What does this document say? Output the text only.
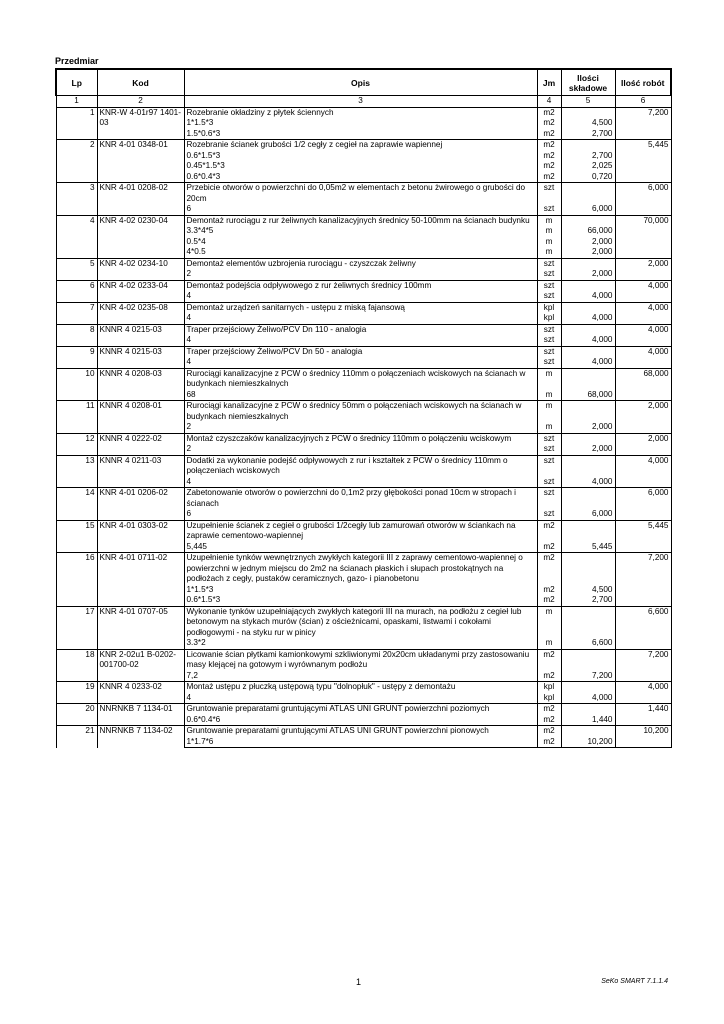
Przedmiar
Lp	Kod	Opis	Jm	Ilości składowe	Ilość robót
1	2	3	4	5	6
1	KNR-W 4-01r97 1401-03	Rozebranie okładziny z płytek ściennych	m2		7,200

		1*1.5*3	m2	4,500	
		1.5*0.6*3	m2	2,700	
2	KNR 4-01 0348-01	Rozebranie ścianek grubości 1/2 cegły z cegieł na zaprawie wapiennej	m2		5,445
		0.6*1.5*3	m2	2,700	
		0.45*1.5*3	m2	2,025	
		0.6*0.4*3	m2	0,720	
3	KNR 4-01 0208-02	Przebicie otworów o powierzchni do 0,05m2 w elementach z betonu żwirowego o grubości do 20cm	szt		6,000
		6	szt	6,000	
4	KNR 4-02 0230-04	Demontaż rurociągu z rur żeliwnych kanalizacyjnych średnicy 50-100mm na ścianach budynku	m		70,000
		3.3*4*5	m	66,000	
		0.5*4	m	2,000	
		4*0.5	m	2,000	
5	KNR 4-02 0234-10	Demontaż elementów uzbrojenia rurociągu - czyszczak żeliwny	szt		2,000
		2	szt	2,000	
6	KNR 4-02 0233-04	Demontaż podejścia odpływowego z rur żeliwnych średnicy 100mm	szt		4,000
		4	szt	4,000	
7	KNR 4-02 0235-08	Demontaż urządzeń sanitarnych - ustępu z miską fajansową	kpl		4,000
		4	kpl	4,000	
8	KNNR 4 0215-03	Traper przejściowy Żeliwo/PCV Dn 110 - analogia	szt		4,000
		4	szt	4,000	
9	KNNR 4 0215-03	Traper przejściowy Żeliwo/PCV Dn 50 - analogia	szt		4,000
		4	szt	4,000	
10	KNNR 4 0208-03	Rurociągi kanalizacyjne z PCW o średnicy 110mm o połączeniach wciskowych na ścianach w budynkach niemieszkalnych	m		68,000
		68	m	68,000	
11	KNNR 4 0208-01	Rurociągi kanalizacyjne z PCW o średnicy 50mm o połączeniach wciskowych na ścianach w budynkach niemieszkalnych	m		2,000
		2	m	2,000	
12	KNNR 4 0222-02	Montaż czyszczaków kanalizacyjnych z PCW o średnicy 110mm o połączeniu wciskowym	szt		2,000
		2	szt	2,000	
13	KNNR 4 0211-03	Dodatki za wykonanie podejść odpływowych z rur i kształtek z PCW o średnicy 110mm o połączeniach wciskowych	szt		4,000
		4	szt	4,000	
14	KNR 4-01 0206-02	Zabetonowanie otworów o powierzchni do 0,1m2 przy głębokości ponad 10cm w stropach i ścianach	szt		6,000
		6	szt	6,000	
15	KNR 4-01 0303-02	Uzupełnienie ścianek z cegieł o grubości 1/2cegły lub zamurowań otworów w ściankach na zaprawie cementowo-wapiennej	m2		5,445
		5,445	m2	5,445	
16	KNR 4-01 0711-02	Uzupełnienie tynków wewnętrznych zwykłych kategorii III z zaprawy cementowo-wapiennej o powierzchni w jednym miejscu do 2m2 na ścianach płaskich i słupach prostokątnych na podłożach z cegły, pustaków ceramicznych, gazo- i pianobetonu	m2		7,200
		1*1.5*3	m2	4,500	
		0.6*1.5*3	m2	2,700	
17	KNR 4-01 0707-05	Wykonanie tynków uzupełniających zwykłych kategorii III na murach, na podłożu z cegieł lub betonowym na stykach murów (ścian) z ościeżnicami, opaskami, listwami i cokołami podłogowymi - na styku rur w pinicy	m		6,600
		3.3*2	m	6,600	
18	KNR 2-02u1 B-0202-001700-02	Licowanie ścian płytkami kamionkowymi szkliwionymi 20x20cm układanymi przy zastosowaniu masy klejącej na gotowym i wyrównanym podłożu	m2		7,200
		7,2	m2	7,200	
19	KNNR 4 0233-02	Montaż ustępu z płuczką ustępową typu "dolnopłuk" - ustępy z demontażu	kpl		4,000
		4	kpl	4,000	
20	NNRNKB 7 1134-01	Gruntowanie preparatami gruntującymi ATLAS UNI GRUNT powierzchni poziomych	m2		1,440
		0.6*0.4*6	m2	1,440	
21	NNRNKB 7 1134-02	Gruntowanie preparatami gruntującymi ATLAS UNI GRUNT powierzchni pionowych	m2		10,200
		1*1.7*6	m2	10,200	
1	SeKo SMART 7.1.1.4
